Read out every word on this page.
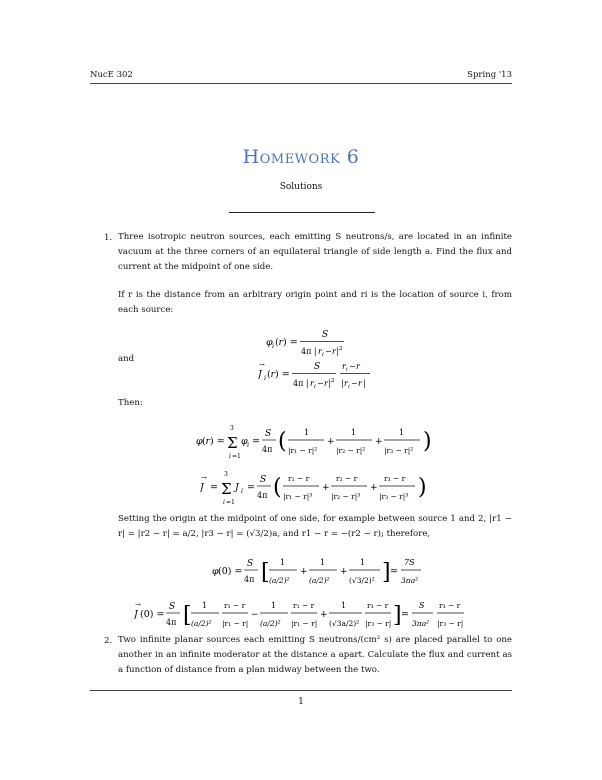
NucE 302	Spring '13
Homework 6
Solutions
1. Three isotropic neutron sources, each emitting S neutrons/s, are located in an infinite vacuum at the three corners of an equilateral triangle of side length a. Find the flux and current at the midpoint of one side.
If r is the distance from an arbitrary origin point and ri is the location of source i, from each source:
φ i ( r ) =
S
4π | r i − r | 2
and
J
→
i ( r ) =
S
4π | r i − r | 2
r i − r
| r i − r |
Then:
φ ( r ) =
3
Σ
i =1
φ i =
S
4π ( 1
|r₁ − r|²
+
1
|r₂ − r|²
+
1
|r₃ − r|² )
J
→
=
3
Σ
i =1
J i =
S
4π ( r₁ − r
|r₁ − r|³
+
r₂ − r
|r₂ − r|³
+
r₃ − r
|r₃ − r|³ )
Setting the origin at the midpoint of one side, for example between source 1 and 2, |r1 − r| = |r2 − r| = a/2, |r3 − r| = (√3/2)a, and r1 − r = −(r2 − r); therefore,
φ (0) =
S
4π [ 1
(a/2)²
+
1
(a/2)²
+
1
(√3/2)² ] =
7S
3πa²
J
→
(0) =
S
4π [ 1
(a/2)²
r₁ − r
|r₁ − r|
−
1
(a/2)²
r₁ − r
|r₁ − r|
+
1
(√3a/2)²
r₃ − r
|r₃ − r| ] =
S
3πa²
r₃ − r
|r₃ − r|
2. Two infinite planar sources each emitting S neutrons/(cm² s) are placed parallel to one another in an infinite moderator at the distance a apart. Calculate the flux and current as a function of distance from a plan midway between the two.
1
